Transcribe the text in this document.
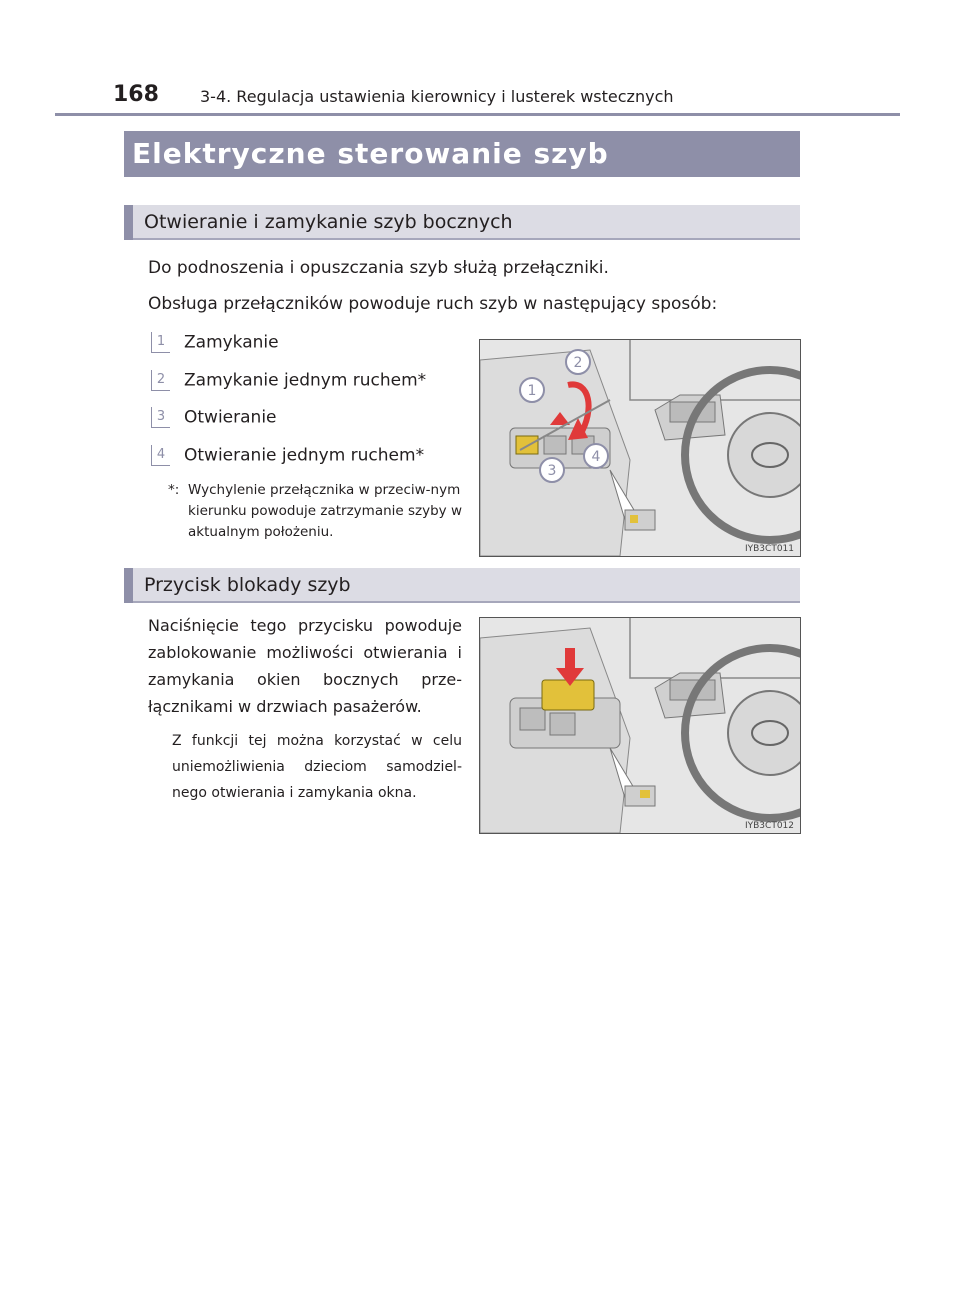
168	3-4. Regulacja ustawienia kierownicy i lusterek wstecznych
Elektryczne sterowanie szyb
Otwieranie i zamykanie szyb bocznych
Do podnoszenia i opuszczania szyb służą przełączniki.
Obsługa przełączników powoduje ruch szyb w następujący sposób:
1 Zamykanie
2 Zamykanie jednym ruchem*
3 Otwieranie
4 Otwieranie jednym ruchem*
*: Wychylenie przełącznika w przeciw-nym kierunku powoduje zatrzymanie szyby w aktualnym położeniu.
1
2
3
4
IYB3CT011
Przycisk blokady szyb
Naciśnięcie tego przycisku powoduje zablokowanie możliwości otwierania i zamykania okien bocznych prze-łącznikami w drzwiach pasażerów.
Z funkcji tej można korzystać w celu uniemożliwienia dzieciom samodziel-nego otwierania i zamykania okna.
IYB3CT012
